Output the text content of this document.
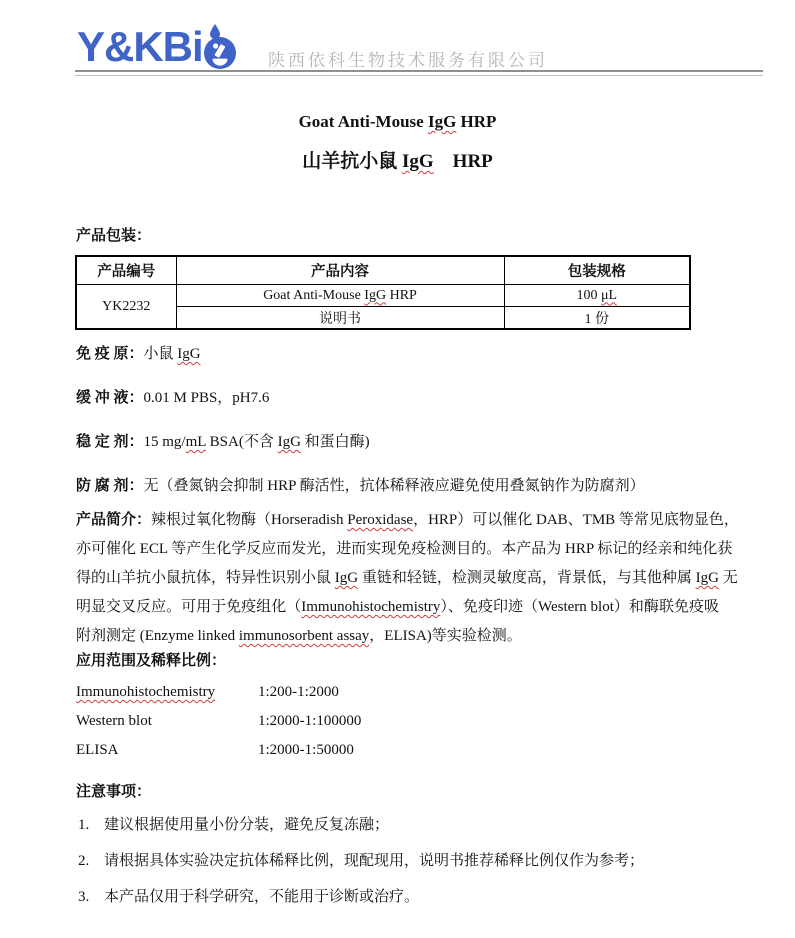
Y&KBi	陕西依科生物技术服务有限公司
Goat Anti-Mouse IgG HRP
山羊抗小鼠 IgG　HRP
产品包装：
产品编号	产品内容	包装规格
YK2232	Goat Anti-Mouse IgG HRP	100 μL
	说明书	1 份
免 疫 原：小鼠 IgG
缓 冲 液：0.01 M PBS，pH7.6
稳 定 剂：15 mg/mL BSA(不含 IgG 和蛋白酶)
防 腐 剂：无（叠氮钠会抑制 HRP 酶活性，抗体稀释液应避免使用叠氮钠作为防腐剂）
产品简介：辣根过氧化物酶（Horseradish Peroxidase，HRP）可以催化 DAB、TMB 等常见底物显色，
亦可催化 ECL 等产生化学反应而发光，进而实现免疫检测目的。本产品为 HRP 标记的经亲和纯化获
得的山羊抗小鼠抗体，特异性识别小鼠 IgG 重链和轻链，检测灵敏度高，背景低，与其他种属 IgG 无
明显交叉反应。可用于免疫组化（Immunohistochemistry）、免疫印迹（Western blot）和酶联免疫吸
附剂测定 (Enzyme linked immunosorbent assay，ELISA)等实验检测。
应用范围及稀释比例：
Immunohistochemistry	1:200-1:2000
Western blot	1:2000-1:100000
ELISA	1:2000-1:50000
注意事项：
1. 建议根据使用量小份分装，避免反复冻融；
2. 请根据具体实验决定抗体稀释比例，现配现用，说明书推荐稀释比例仅作为参考；
3. 本产品仅用于科学研究，不能用于诊断或治疗。
